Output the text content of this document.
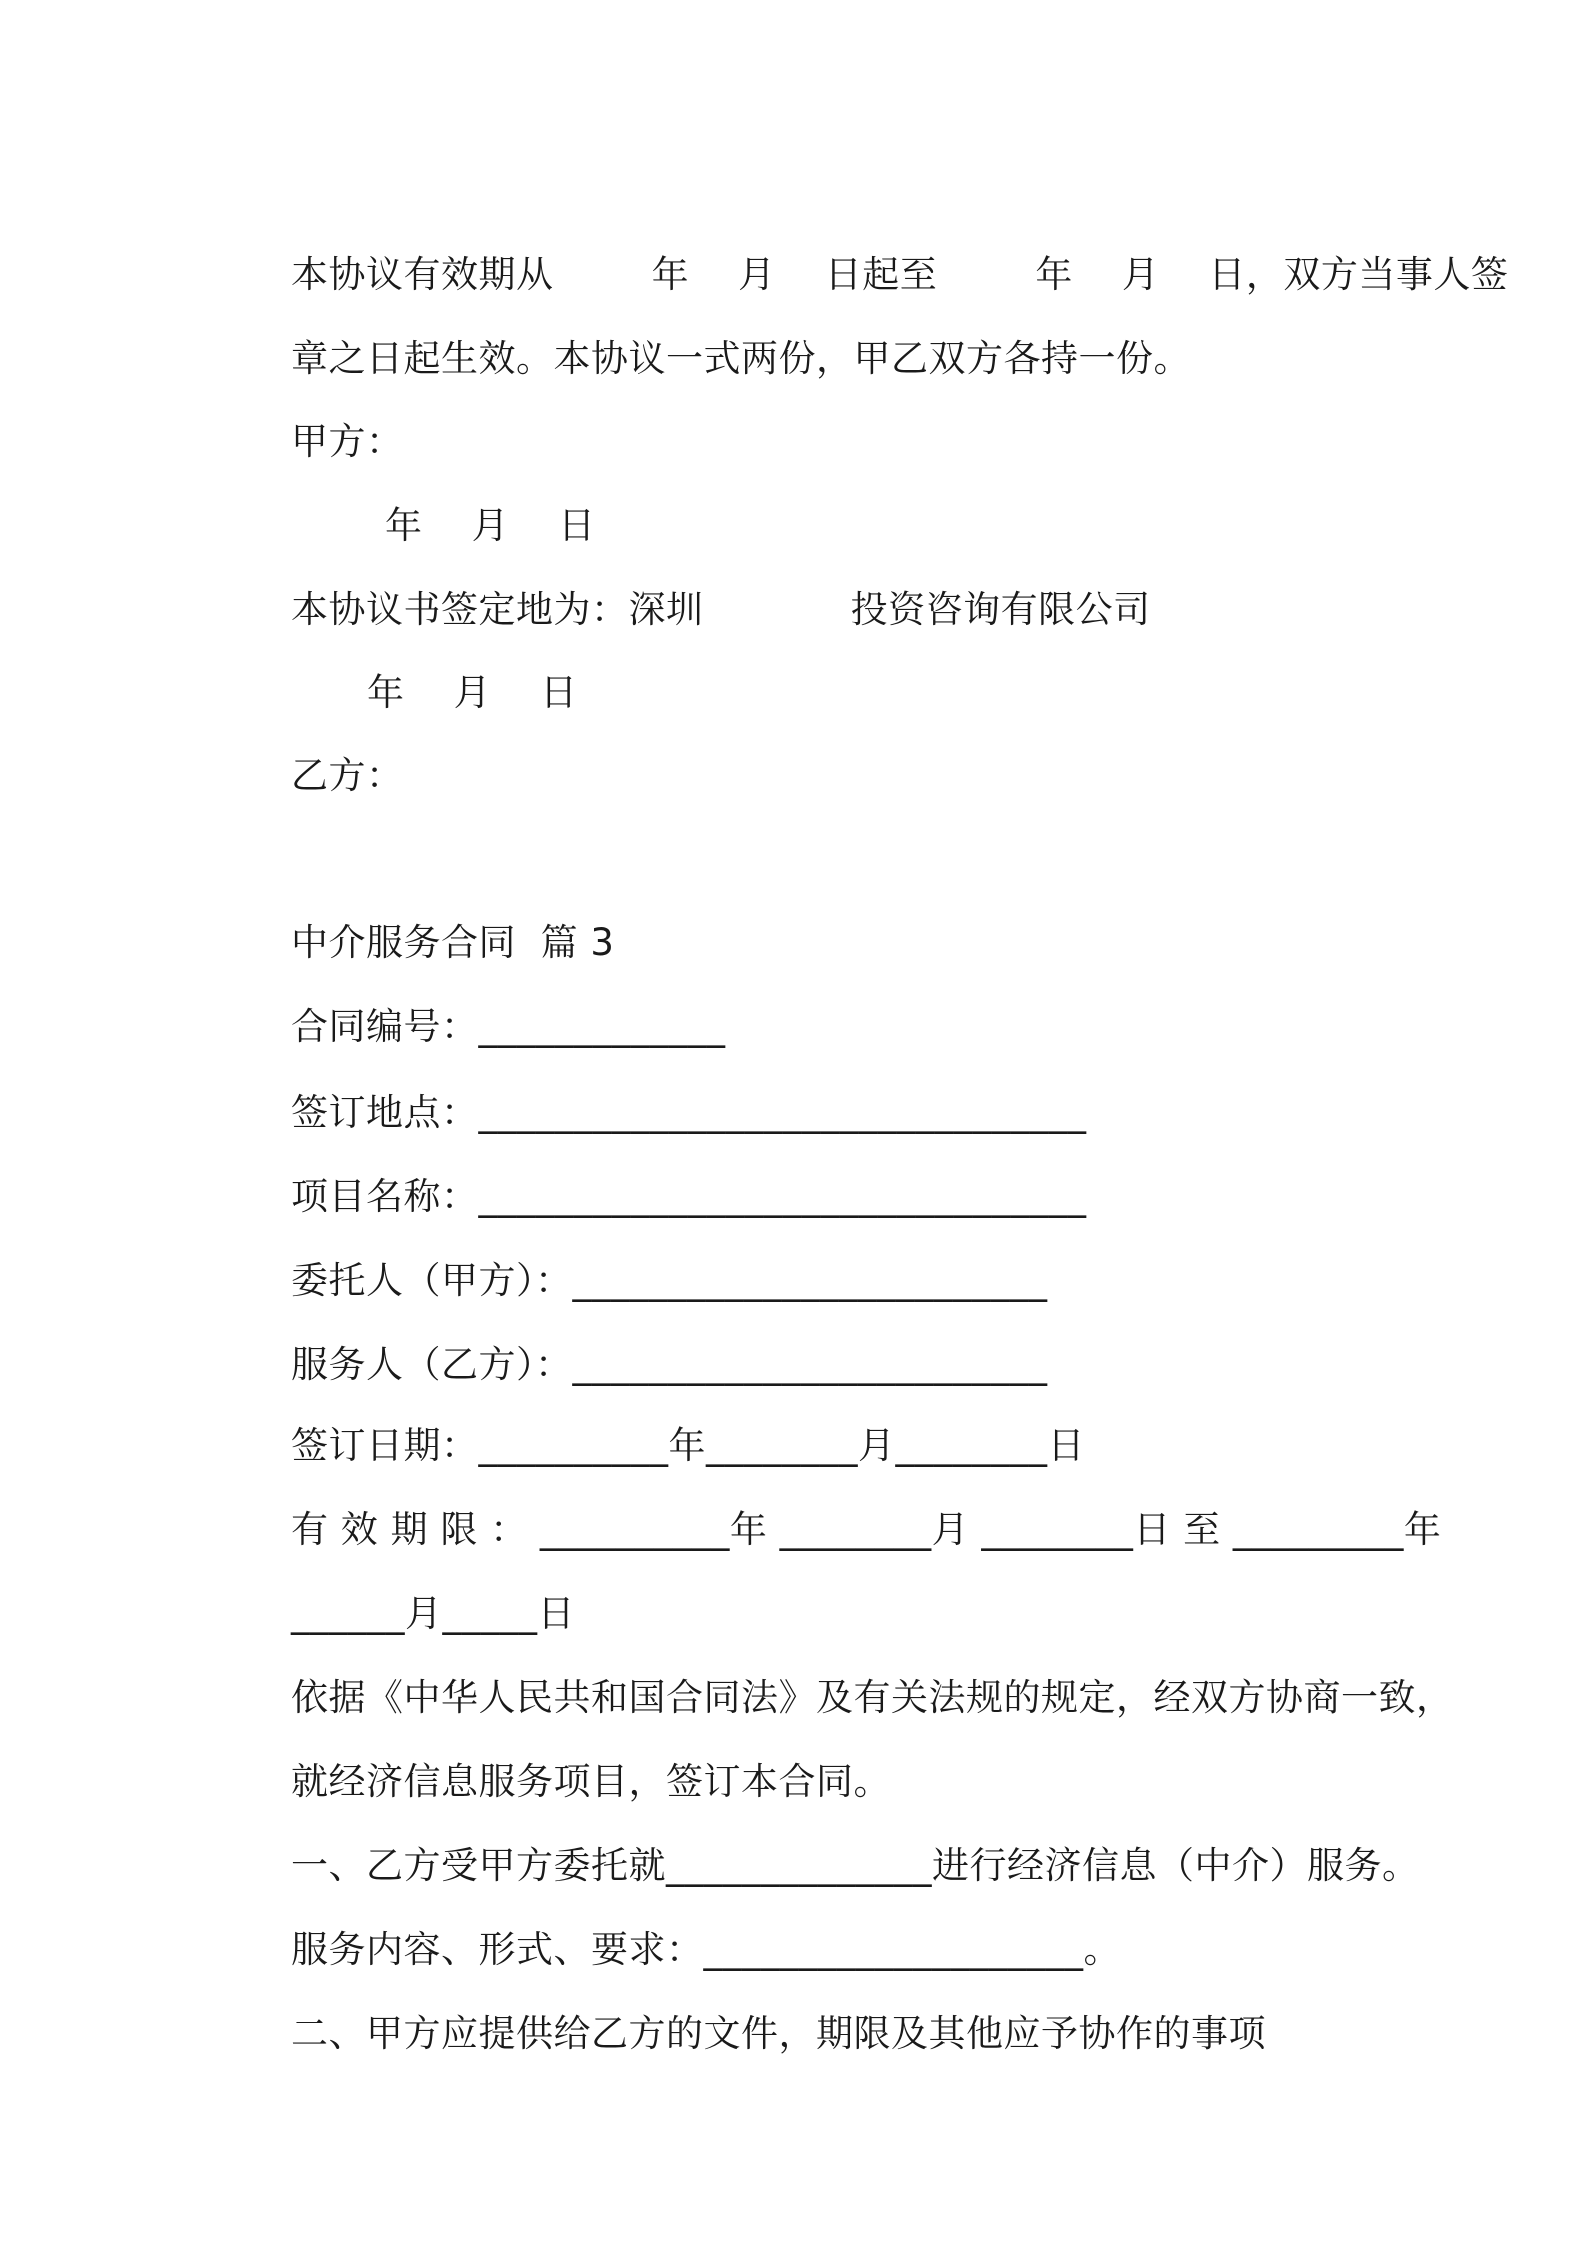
本协议有效期从        年    月    日起至        年    月    日，双方当事人签

章之日起生效。本协议一式两份，甲乙双方各持一份。

甲方：

年    月    日

本协议书签定地为：深圳            投资咨询有限公司

年    月    日

乙方：

中介服务合同  篇 3

合同编号：_____________

签订地点：________________________________

项目名称：________________________________

委托人（甲方）：_________________________

服务人（乙方）：_________________________

签订日期：__________年________月________日

有 效 期 限 ： __________年 ________月 ________日 至 _________年

______月_____日

依据《中华人民共和国合同法》及有关法规的规定，经双方协商一致，

就经济信息服务项目，签订本合同。

一、乙方受甲方委托就______________进行经济信息（中介）服务。

服务内容、形式、要求：____________________。

二、甲方应提供给乙方的文件，期限及其他应予协作的事项
